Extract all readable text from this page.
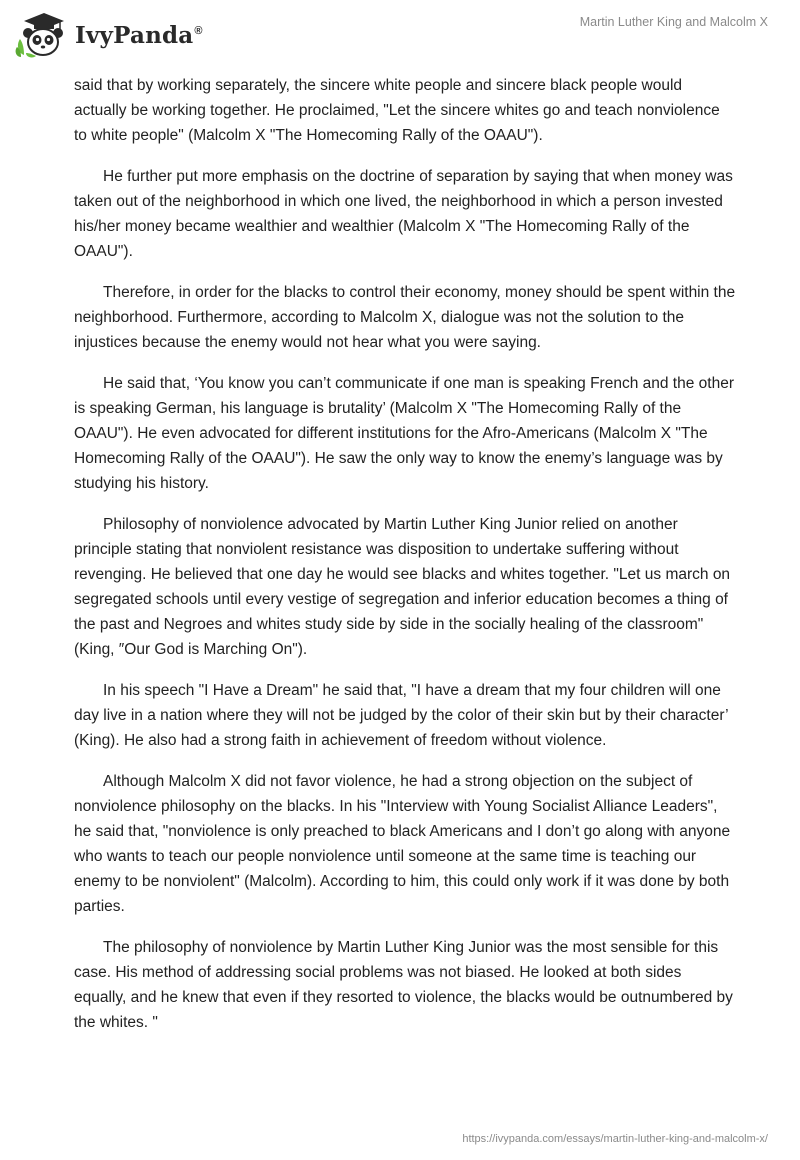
IvyPanda®
Martin Luther King and Malcolm X

said that by working separately, the sincere white people and sincere black people would actually be working together. He proclaimed, "Let the sincere whites go and teach nonviolence to white people" (Malcolm X "The Homecoming Rally of the OAAU").

He further put more emphasis on the doctrine of separation by saying that when money was taken out of the neighborhood in which one lived, the neighborhood in which a person invested his/her money became wealthier and wealthier (Malcolm X "The Homecoming Rally of the OAAU").

Therefore, in order for the blacks to control their economy, money should be spent within the neighborhood. Furthermore, according to Malcolm X, dialogue was not the solution to the injustices because the enemy would not hear what you were saying.

He said that, ‘You know you can’t communicate if one man is speaking French and the other is speaking German, his language is brutality’ (Malcolm X "The Homecoming Rally of the OAAU"). He even advocated for different institutions for the Afro-Americans (Malcolm X "The Homecoming Rally of the OAAU"). He saw the only way to know the enemy’s language was by studying his history.

Philosophy of nonviolence advocated by Martin Luther King Junior relied on another principle stating that nonviolent resistance was disposition to undertake suffering without revenging. He believed that one day he would see blacks and whites together. "Let us march on segregated schools until every vestige of segregation and inferior education becomes a thing of the past and Negroes and whites study side by side in the socially healing of the classroom" (King, ″Our God is Marching On").

In his speech "I Have a Dream" he said that, "I have a dream that my four children will one day live in a nation where they will not be judged by the color of their skin but by their character’ (King). He also had a strong faith in achievement of freedom without violence.

Although Malcolm X did not favor violence, he had a strong objection on the subject of nonviolence philosophy on the blacks. In his "Interview with Young Socialist Alliance Leaders", he said that, "nonviolence is only preached to black Americans and I don’t go along with anyone who wants to teach our people nonviolence until someone at the same time is teaching our enemy to be nonviolent" (Malcolm). According to him, this could only work if it was done by both parties.

The philosophy of nonviolence by Martin Luther King Junior was the most sensible for this case. His method of addressing social problems was not biased. He looked at both sides equally, and he knew that even if they resorted to violence, the blacks would be outnumbered by the whites. "

https://ivypanda.com/essays/martin-luther-king-and-malcolm-x/
